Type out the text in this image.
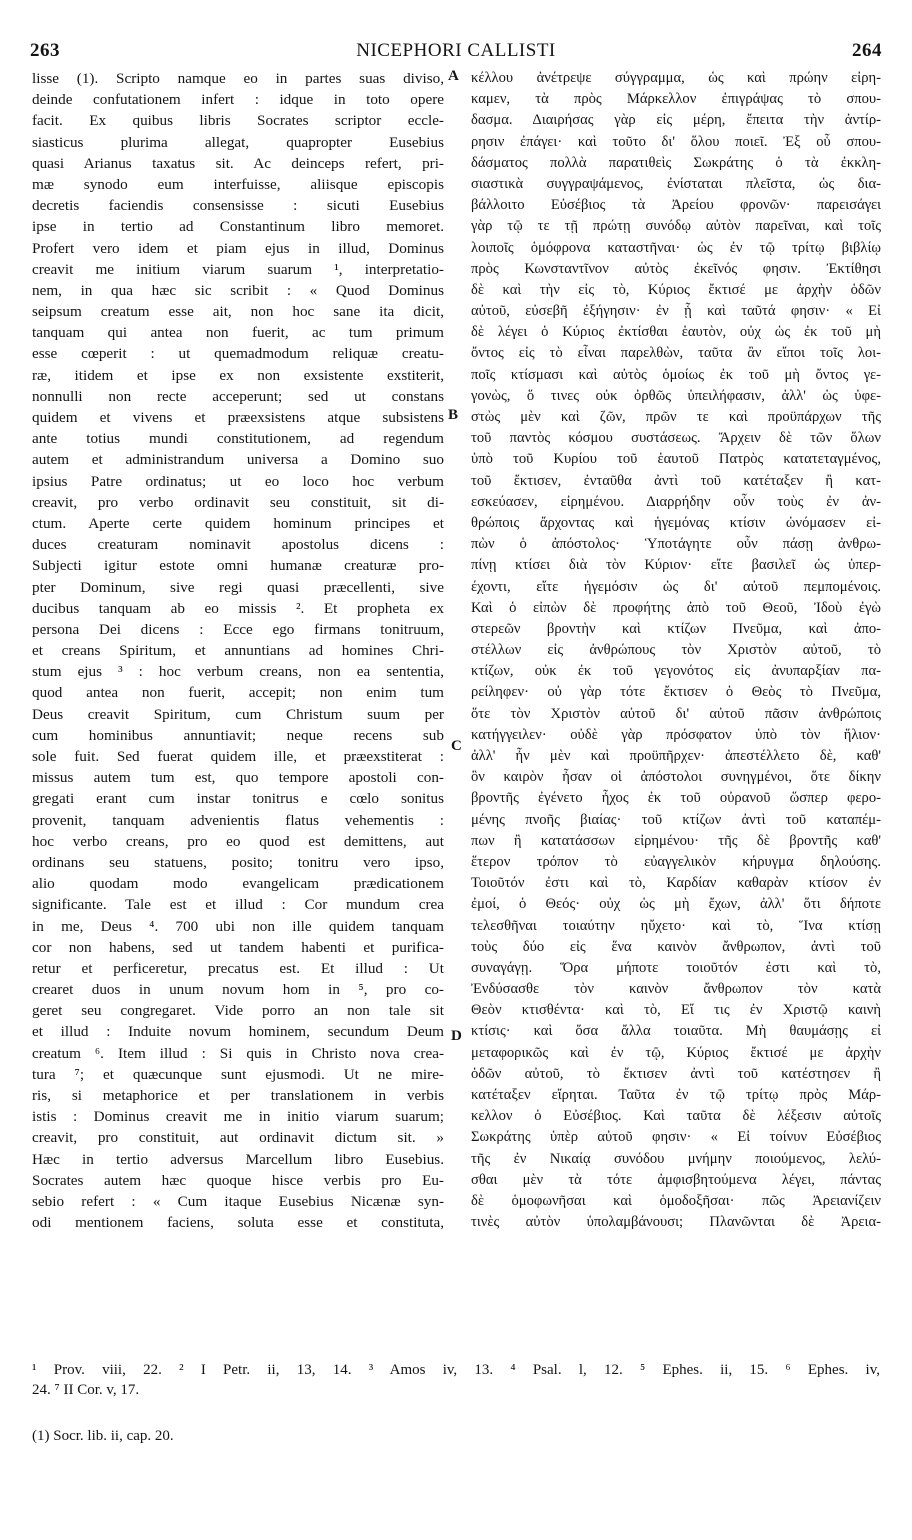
263	NICEPHORI CALLISTI	264
lisse (1). Scripto namque eo in partes suas diviso,
deinde confutationem infert : idque in toto opere
facit. Ex quibus libris Socrates scriptor eccle-
siasticus plurima allegat, quapropter Eusebius
quasi Arianus taxatus sit. Ac deinceps refert, pri-
mæ synodo eum interfuisse, aliisque episcopis
decretis faciendis consensisse : sicuti Eusebius
ipse in tertio ad Constantinum libro memoret.
Profert vero idem et piam ejus in illud, Dominus
creavit me initium viarum suarum ¹, interpretatio-
nem, in qua hæc sic scribit : « Quod Dominus
seipsum creatum esse ait, non hoc sane ita dicit,
tanquam qui antea non fuerit, ac tum primum
esse cœperit : ut quemadmodum reliquæ creatu-
ræ, itidem et ipse ex non exsistente exstiterit,
nonnulli non recte acceperunt; sed ut constans
quidem et vivens et præexsistens atque subsistens
ante totius mundi constitutionem, ad regendum
autem et administrandum universa a Domino suo
ipsius Patre ordinatus; ut eo loco hoc verbum
creavit, pro verbo ordinavit seu constituit, sit di-
ctum. Aperte certe quidem hominum principes et
duces creaturam nominavit apostolus dicens :
Subjecti igitur estote omni humanæ creaturæ pro-
pter Dominum, sive regi quasi præcellenti, sive
ducibus tanquam ab eo missis ². Et propheta ex
persona Dei dicens : Ecce ego firmans tonitruum,
et creans Spiritum, et annuntians ad homines Chri-
stum ejus ³ : hoc verbum creans, non ea sententia,
quod antea non fuerit, accepit; non enim tum
Deus creavit Spiritum, cum Christum suum per
cum hominibus annuntiavit; neque recens sub
sole fuit. Sed fuerat quidem ille, et præexstiterat :
missus autem tum est, quo tempore apostoli con-
gregati erant cum instar tonitrus e cœlo sonitus
provenit, tanquam advenientis flatus vehementis :
hoc verbo creans, pro eo quod est demittens, aut
ordinans seu statuens, posito; tonitru vero ipso,
alio quodam modo evangelicam prædicationem
significante. Tale est et illud : Cor mundum crea
in me, Deus ⁴. 700 ubi non ille quidem tanquam
cor non habens, sed ut tandem habenti et purifica-
retur et perficeretur, precatus est. Et illud : Ut
crearet duos in unum novum hom in ⁵, pro co-
geret seu congregaret. Vide porro an non tale sit
et illud : Induite novum hominem, secundum Deum
creatum ⁶. Item illud : Si quis in Christo nova crea-
tura ⁷; et quæcunque sunt ejusmodi. Ut ne mire-
ris, si metaphorice et per translationem in verbis
istis : Dominus creavit me in initio viarum suarum;
creavit, pro constituit, aut ordinavit dictum sit. »
Hæc in tertio adversus Marcellum libro Eusebius.
Socrates autem hæc quoque hisce verbis pro Eu-
sebio refert : « Cum itaque Eusebius Nicænæ syn-
odi mentionem faciens, soluta esse et constituta,
κέλλου ἀνέτρεψε σύγγραμμα, ὡς καὶ πρώην εἰρη-
καμεν, τὰ πρὸς Μάρκελλον ἐπιγράψας τὸ σπου-
δασμα. Διαιρήσας γὰρ εἰς μέρη, ἔπειτα τὴν ἀντίρ-
ρησιν ἐπάγει· καὶ τοῦτο δι' ὅλου ποιεῖ. Ἐξ οὗ σπου-
δάσματος πολλὰ παρατιθεὶς Σωκράτης ὁ τὰ ἐκκλη-
σιαστικὰ συγγραψάμενος, ἐνίσταται πλεῖστα, ὡς δια-
βάλλοιτο Εὐσέβιος τὰ Ἀρείου φρονῶν· παρεισάγει
γὰρ τῷ τε τῇ πρώτῃ συνόδῳ αὐτὸν παρεῖναι, καὶ τοῖς
λοιποῖς ὁμόφρονα καταστῆναι· ὡς ἐν τῷ τρίτῳ βιβλίῳ
πρὸς Κωνσταντῖνον αὐτὸς ἐκεῖνός φησιν. Ἐκτίθησι
δὲ καὶ τὴν εἰς τὸ, Κύριος ἔκτισέ με ἀρχὴν ὁδῶν
αὐτοῦ, εὐσεβῆ ἐξήγησιν· ἐν ᾗ καὶ ταῦτά φησιν· « Εἰ
δὲ λέγει ὁ Κύριος ἐκτίσθαι ἑαυτὸν, οὐχ ὡς ἐκ τοῦ μὴ
ὄντος εἰς τὸ εἶναι παρελθὼν, ταῦτα ἂν εἴποι τοῖς λοι-
ποῖς κτίσμασι καὶ αὐτὸς ὁμοίως ἐκ τοῦ μὴ ὄντος γε-
γονὼς, ὅ τινες οὐκ ὀρθῶς ὑπειλήφασιν, ἀλλ' ὡς ὑφε-
στὼς μὲν καὶ ζῶν, πρῶν τε καὶ προϋπάρχων τῆς
τοῦ παντὸς κόσμου συστάσεως. Ἄρχειν δὲ τῶν ὅλων
ὑπὸ τοῦ Κυρίου τοῦ ἑαυτοῦ Πατρὸς κατατεταγμένος,
τοῦ ἔκτισεν, ἐνταῦθα ἀντὶ τοῦ κατέταξεν ἢ κατ-
εσκεύασεν, εἰρημένου. Διαρρήδην οὖν τοὺς ἐν ἀν-
θρώποις ἄρχοντας καὶ ἡγεμόνας κτίσιν ὠνόμασεν εἰ-
πὼν ὁ ἀπόστολος· Ὑποτάγητε οὖν πάσῃ ἀνθρω-
πίνῃ κτίσει διὰ τὸν Κύριον· εἴτε βασιλεῖ ὡς ὑπερ-
έχοντι, εἴτε ἡγεμόσιν ὡς δι' αὐτοῦ πεμπομένοις.
Καὶ ὁ εἰπὼν δὲ προφήτης ἀπὸ τοῦ Θεοῦ, Ἰδοὺ ἐγὼ
στερεῶν βροντὴν καὶ κτίζων Πνεῦμα, καὶ ἀπο-
στέλλων εἰς ἀνθρώπους τὸν Χριστὸν αὐτοῦ, τὸ
κτίζων, οὐκ ἐκ τοῦ γεγονότος εἰς ἀνυπαρξίαν πα-
ρείληφεν· οὐ γὰρ τότε ἔκτισεν ὁ Θεὸς τὸ Πνεῦμα,
ὅτε τὸν Χριστὸν αὐτοῦ δι' αὐτοῦ πᾶσιν ἀνθρώποις
κατήγγειλεν· οὐδὲ γὰρ πρόσφατον ὑπὸ τὸν ἥλιον·
ἀλλ' ἦν μὲν καὶ προϋπῆρχεν· ἀπεστέλλετο δὲ, καθ'
ὃν καιρὸν ἦσαν οἱ ἀπόστολοι συνηγμένοι, ὅτε δίκην
βροντῆς ἐγένετο ἦχος ἐκ τοῦ οὐρανοῦ ὥσπερ φερο-
μένης πνοῆς βιαίας· τοῦ κτίζων ἀντὶ τοῦ καταπέμ-
πων ἢ κατατάσσων εἰρημένου· τῆς δὲ βροντῆς καθ'
ἕτερον τρόπον τὸ εὐαγγελικὸν κήρυγμα δηλούσης.
Τοιοῦτόν ἐστι καὶ τὸ, Καρδίαν καθαρὰν κτίσον ἐν
ἐμοί, ὁ Θεός· οὐχ ὡς μὴ ἔχων, ἀλλ' ὅτι δήποτε
τελεσθῆναι τοιαύτην ηὔχετο· καὶ τὸ, Ἵνα κτίσῃ
τοὺς δύο εἰς ἕνα καινὸν ἄνθρωπον, ἀντὶ τοῦ
συναγάγῃ. Ὅρα μήποτε τοιοῦτόν ἐστι καὶ τὸ,
Ἐνδύσασθε τὸν καινὸν ἄνθρωπον τὸν κατὰ
Θεὸν κτισθέντα· καὶ τὸ, Εἴ τις ἐν Χριστῷ καινὴ
κτίσις· καὶ ὅσα ἄλλα τοιαῦτα. Μὴ θαυμάσῃς εἰ
μεταφορικῶς καὶ ἐν τῷ, Κύριος ἔκτισέ με ἀρχὴν
ὁδῶν αὐτοῦ, τὸ ἔκτισεν ἀντὶ τοῦ κατέστησεν ἢ
κατέταξεν εἴρηται. Ταῦτα ἐν τῷ τρίτῳ πρὸς Μάρ-
κελλον ὁ Εὐσέβιος. Καὶ ταῦτα δὲ λέξεσιν αὐτοῖς
Σωκράτης ὑπὲρ αὐτοῦ φησιν· « Εἰ τοίνυν Εὐσέβιος
τῆς ἐν Νικαίᾳ συνόδου μνήμην ποιούμενος, λελύ-
σθαι μὲν τὰ τότε ἀμφισβητούμενα λέγει, πάντας
δὲ ὁμοφωνῆσαι καὶ ὁμοδοξῆσαι· πῶς Ἀρειανίζειν
τινὲς αὐτὸν ὑπολαμβάνουσι; Πλανῶνται δὲ Ἀρεια-
A
B
C
D
¹ Prov. viii, 22. ² I Petr. ii, 13, 14. ³ Amos iv, 13. ⁴ Psal. l, 12. ⁵ Ephes. ii, 15. ⁶ Ephes. iv,
24. ⁷ II Cor. v, 17.
(1) Socr. lib. ii, cap. 20.
